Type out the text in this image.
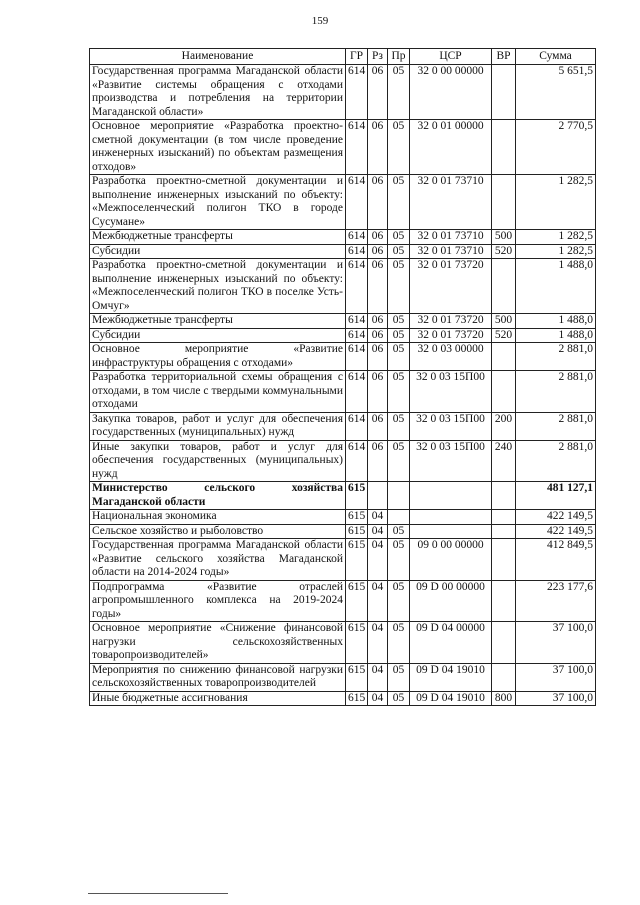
159
Наименование	ГР	Рз	Пр	ЦСР	ВР	Сумма
Государственная программа Магаданской области «Развитие системы обращения с отходами производства и потребления на территории Магаданской области»	614	06	05	32 0 00 00000		5 651,5
Основное мероприятие «Разработка проектно-сметной документации (в том числе проведение инженерных изысканий) по объектам размещения отходов»	614	06	05	32 0 01 00000		2 770,5
Разработка проектно-сметной документации и выполнение инженерных изысканий по объекту: «Межпоселенческий полигон ТКО в городе Сусумане»	614	06	05	32 0 01 73710		1 282,5
Межбюджетные трансферты	614	06	05	32 0 01 73710	500	1 282,5
Субсидии	614	06	05	32 0 01 73710	520	1 282,5
Разработка проектно-сметной документации и выполнение инженерных изысканий по объекту: «Межпоселенческий полигон ТКО в поселке Усть-Омчуг»	614	06	05	32 0 01 73720		1 488,0
Межбюджетные трансферты	614	06	05	32 0 01 73720	500	1 488,0
Субсидии	614	06	05	32 0 01 73720	520	1 488,0
Основное мероприятие «Развитие инфраструктуры обращения с отходами»	614	06	05	32 0 03 00000		2 881,0
Разработка территориальной схемы обращения с отходами, в том числе с твердыми коммунальными отходами	614	06	05	32 0 03 15П00		2 881,0
Закупка товаров, работ и услуг для обеспечения государственных (муниципальных) нужд	614	06	05	32 0 03 15П00	200	2 881,0
Иные закупки товаров, работ и услуг для обеспечения государственных (муниципальных) нужд	614	06	05	32 0 03 15П00	240	2 881,0
Министерство сельского хозяйства Магаданской области	615					481 127,1
Национальная экономика	615	04				422 149,5
Сельское хозяйство и рыболовство	615	04	05			422 149,5
Государственная программа Магаданской области «Развитие сельского хозяйства Магаданской области на 2014-2024 годы»	615	04	05	09 0 00 00000		412 849,5
Подпрограмма «Развитие отраслей агропромышленного комплекса на 2019-2024 годы»	615	04	05	09 D 00 00000		223 177,6
Основное мероприятие «Снижение финансовой нагрузки сельскохозяйственных товаропроизводителей»	615	04	05	09 D 04 00000		37 100,0
Мероприятия по снижению финансовой нагрузки сельскохозяйственных товаропроизводителей	615	04	05	09 D 04 19010		37 100,0
Иные бюджетные ассигнования	615	04	05	09 D 04 19010	800	37 100,0
